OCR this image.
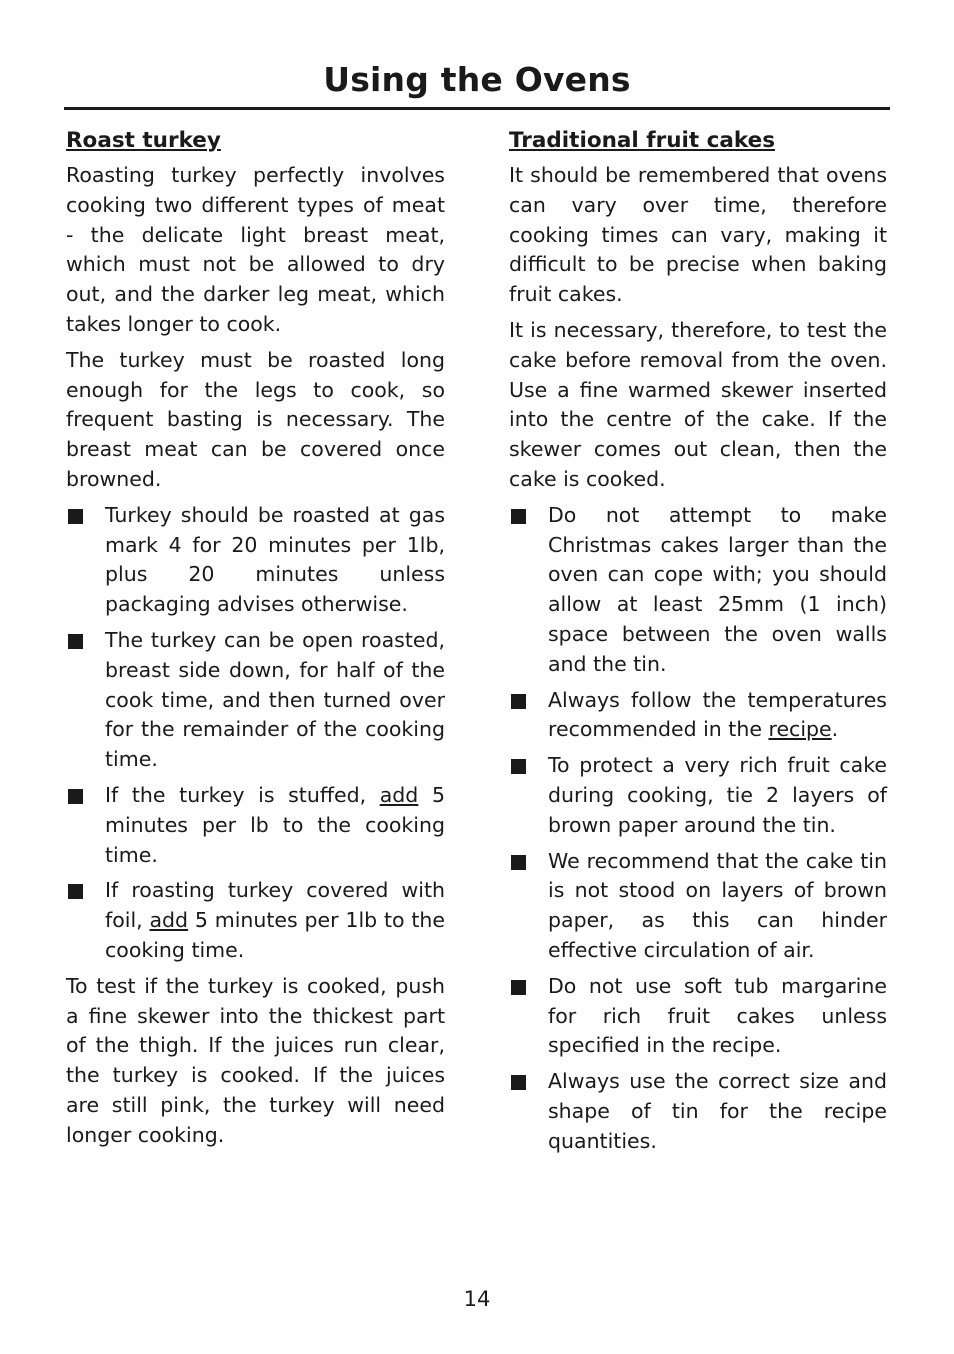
Using the Ovens
Roast turkey

Roasting turkey perfectly involves cooking two different types of meat - the delicate light breast meat, which must not be allowed to dry out, and the darker leg meat, which takes longer to cook.

The turkey must be roasted long enough for the legs to cook, so frequent basting is necessary. The breast meat can be covered once browned.

Turkey should be roasted at gas mark 4 for 20 minutes per 1lb, plus 20 minutes unless packaging advises otherwise.
The turkey can be open roasted, breast side down, for half of the cook time, and then turned over for the remainder of the cooking time.
If the turkey is stuffed, add 5 minutes per lb to the cooking time.
If roasting turkey covered with foil, add 5 minutes per 1lb to the cooking time.

To test if the turkey is cooked, push a fine skewer into the thickest part of the thigh. If the juices run clear, the turkey is cooked. If the juices are still pink, the turkey will need longer cooking.

Traditional fruit cakes

It should be remembered that ovens can vary over time, therefore cooking times can vary, making it difficult to be precise when baking fruit cakes.

It is necessary, therefore, to test the cake before removal from the oven. Use a fine warmed skewer inserted into the centre of the cake. If the skewer comes out clean, then the cake is cooked.

Do not attempt to make Christmas cakes larger than the oven can cope with; you should allow at least 25mm (1 inch) space between the oven walls and the tin.
Always follow the temperatures recommended in the recipe.
To protect a very rich fruit cake during cooking, tie 2 layers of brown paper around the tin.
We recommend that the cake tin is not stood on layers of brown paper, as this can hinder effective circulation of air.
Do not use soft tub margarine for rich fruit cakes unless specified in the recipe.
Always use the correct size and shape of tin for the recipe quantities.
14
